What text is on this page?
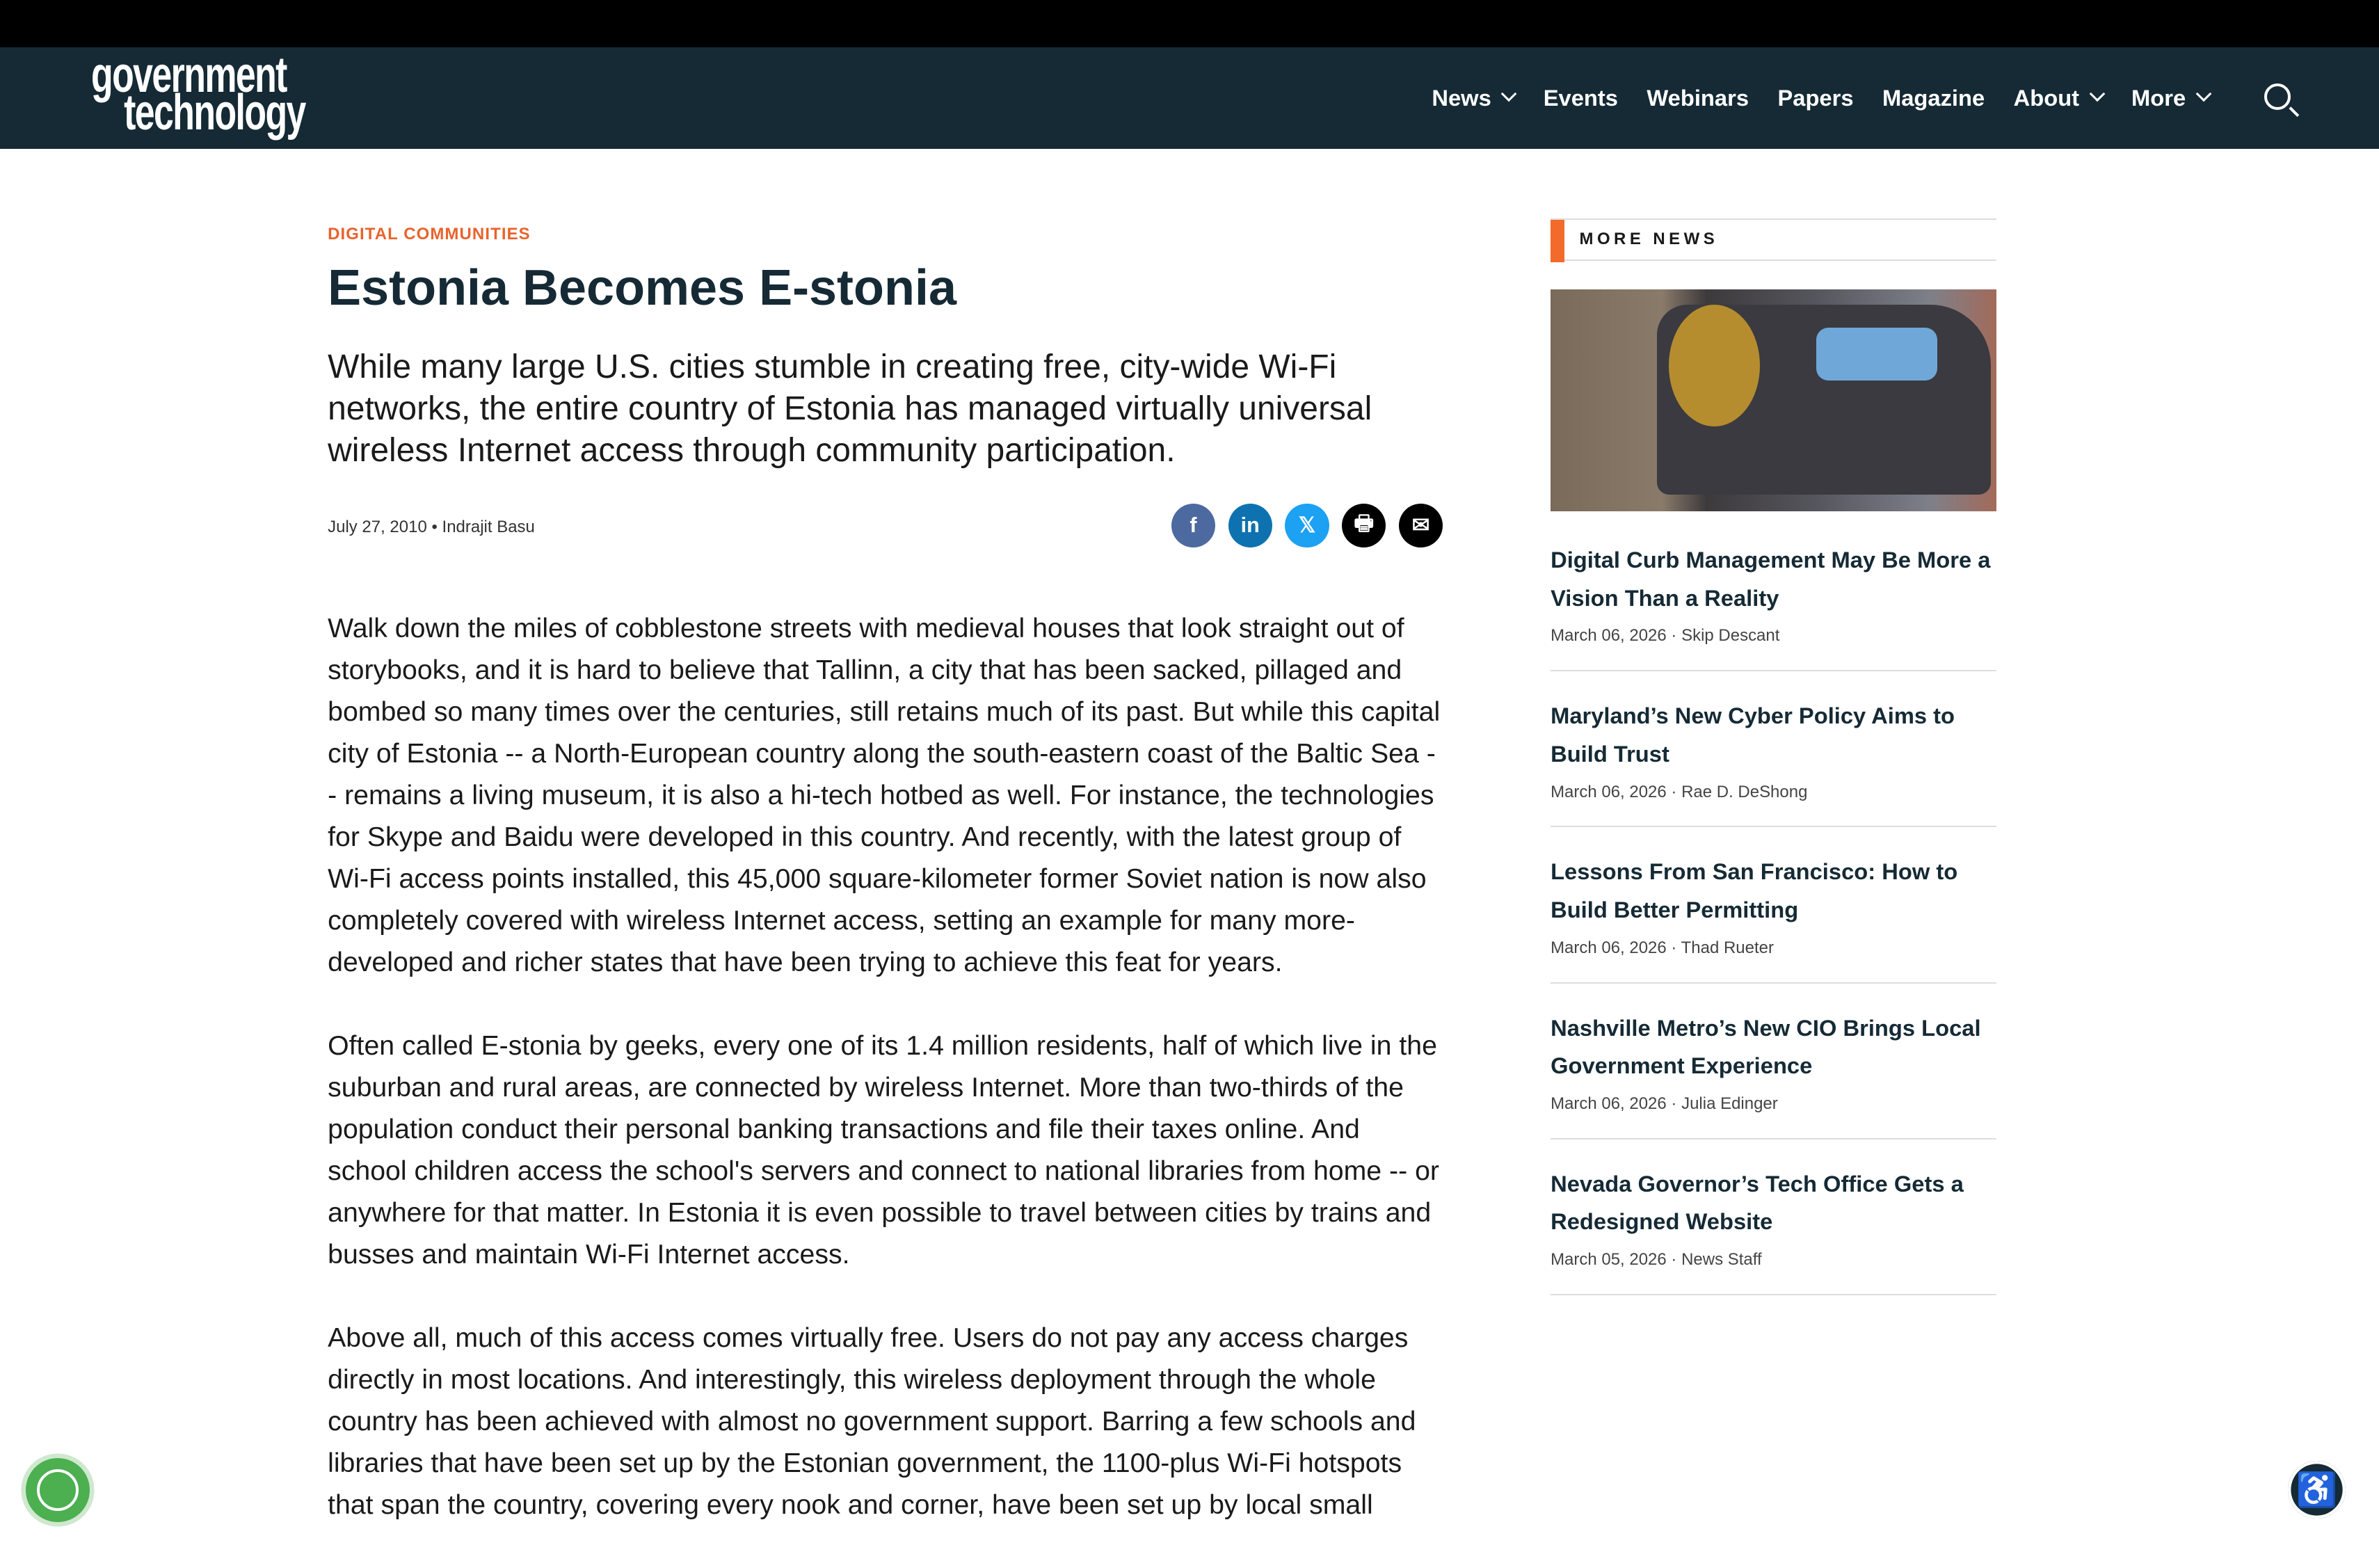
government
technology	News	Events	Webinars	Papers	Magazine	About	More
DIGITAL COMMUNITIES
Estonia Becomes E-stonia
While many large U.S. cities stumble in creating free, city-wide Wi-Fi networks, the entire country of Estonia has managed virtually universal wireless Internet access through community participation.
July 27, 2010 • Indrajit Basu	f	in	𝕏	🖶	✉

Walk down the miles of cobblestone streets with medieval houses that look straight out of storybooks, and it is hard to believe that Tallinn, a city that has been sacked, pillaged and bombed so many times over the centuries, still retains much of its past. But while this capital city of Estonia -- a North-European country along the south-eastern coast of the Baltic Sea -- remains a living museum, it is also a hi-tech hotbed as well. For instance, the technologies for Skype and Baidu were developed in this country. And recently, with the latest group of Wi-Fi access points installed, this 45,000 square-kilometer former Soviet nation is now also completely covered with wireless Internet access, setting an example for many more-developed and richer states that have been trying to achieve this feat for years.

Often called E-stonia by geeks, every one of its 1.4 million residents, half of which live in the suburban and rural areas, are connected by wireless Internet. More than two-thirds of the population conduct their personal banking transactions and file their taxes online. And school children access the school's servers and connect to national libraries from home -- or anywhere for that matter. In Estonia it is even possible to travel between cities by trains and busses and maintain Wi-Fi Internet access.

Above all, much of this access comes virtually free. Users do not pay any access charges directly in most locations. And interestingly, this wireless deployment through the whole country has been achieved with almost no government support. Barring a few schools and libraries that have been set up by the Estonian government, the 1100-plus Wi-Fi hotspots that span the country, covering every nook and corner, have been set up by local small

MORE NEWS
Digital Curb Management May Be More a Vision Than a Reality
March 06, 2026 · Skip Descant
Maryland’s New Cyber Policy Aims to Build Trust
March 06, 2026 · Rae D. DeShong
Lessons From San Francisco: How to Build Better Permitting
March 06, 2026 · Thad Rueter
Nashville Metro’s New CIO Brings Local Government Experience
March 06, 2026 · Julia Edinger
Nevada Governor’s Tech Office Gets a Redesigned Website
March 05, 2026 · News Staff
♿
